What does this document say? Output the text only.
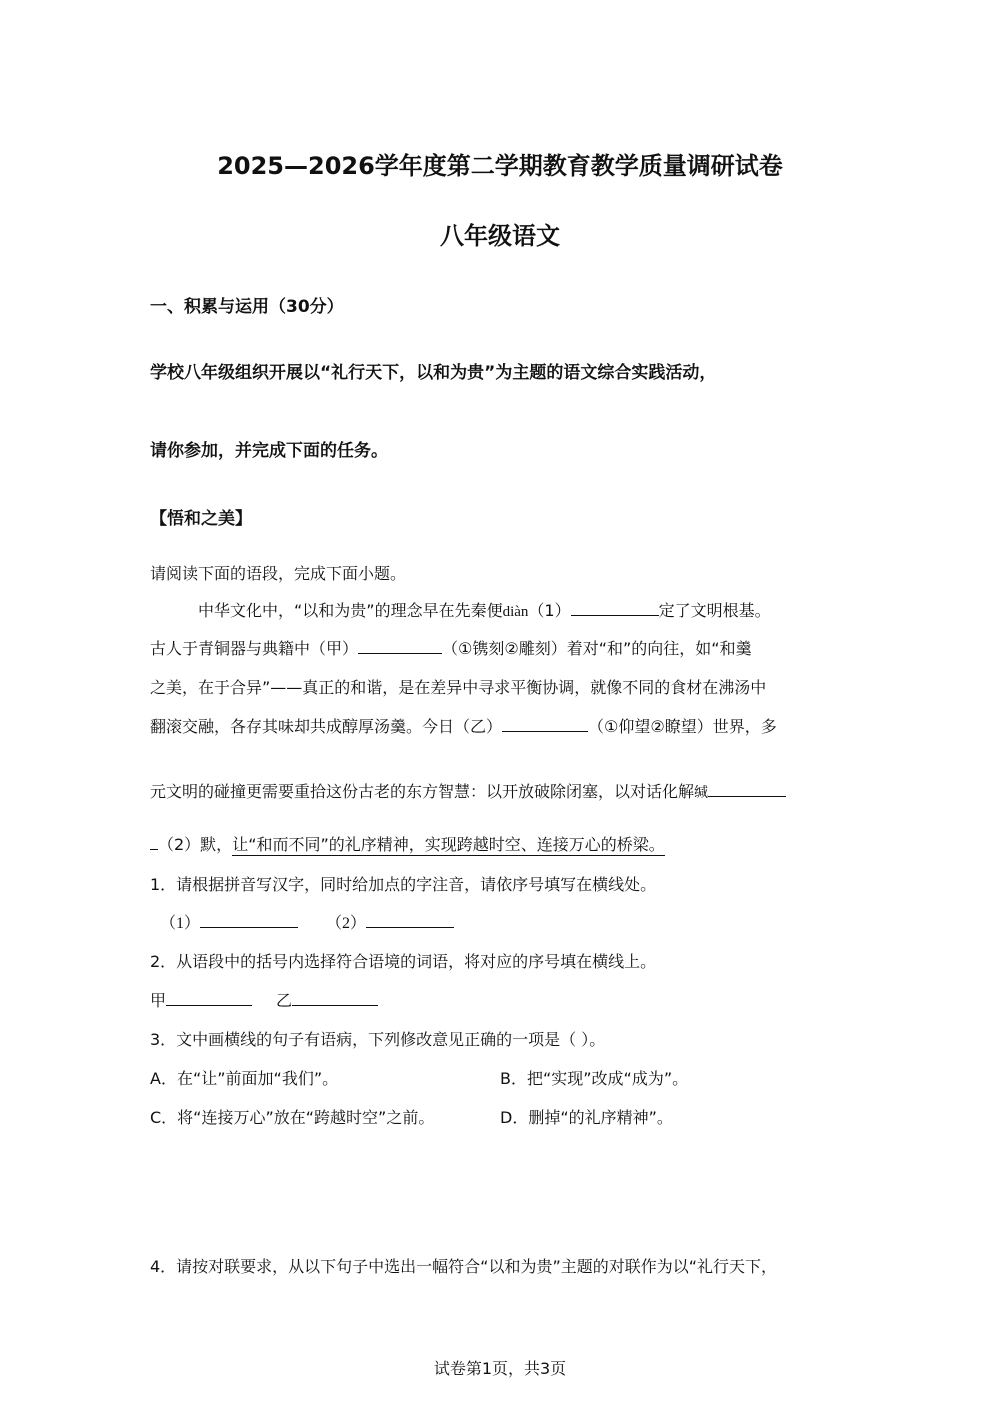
2025—2026学年度第二学期教育教学质量调研试卷
八年级语文
一、积累与运用（30分）
学校八年级组织开展以“礼行天下，以和为贵”为主题的语文综合实践活动，
请你参加，并完成下面的任务。
【悟和之美】
请阅读下面的语段，完成下面小题。
中华文化中，“以和为贵”的理念早在先秦便diàn（1）	定了文明根基。
古人于青铜器与典籍中（甲）	（①镌刻②雕刻）着对“和”的向往，如“和羹
之美，在于合异”——真正的和谐，是在差异中寻求平衡协调，就像不同的食材在沸汤中
翻滚交融，各存其味却共成醇厚汤羹。今日（乙）	（①仰望②瞭望）世界，多
元文明的碰撞更需要重拾这份古老的东方智慧：以开放破除闭塞，以对话化解缄
（2）默，让“和而不同”的礼序精神，实现跨越时空、连接万心的桥梁。
1．请根据拼音写汉字，同时给加点的字注音，请依序号填写在横线处。
（1）	（2）
2．从语段中的括号内选择符合语境的词语，将对应的序号填在横线上。
甲	乙
3．文中画横线的句子有语病，下列修改意见正确的一项是（ ）。
A．在“让”前面加“我们”。	B．把“实现”改成“成为”。
C．将“连接万心”放在“跨越时空”之前。	D．删掉“的礼序精神”。
4．请按对联要求，从以下句子中选出一幅符合“以和为贵”主题的对联作为以“礼行天下，
试卷第1页，共3页
